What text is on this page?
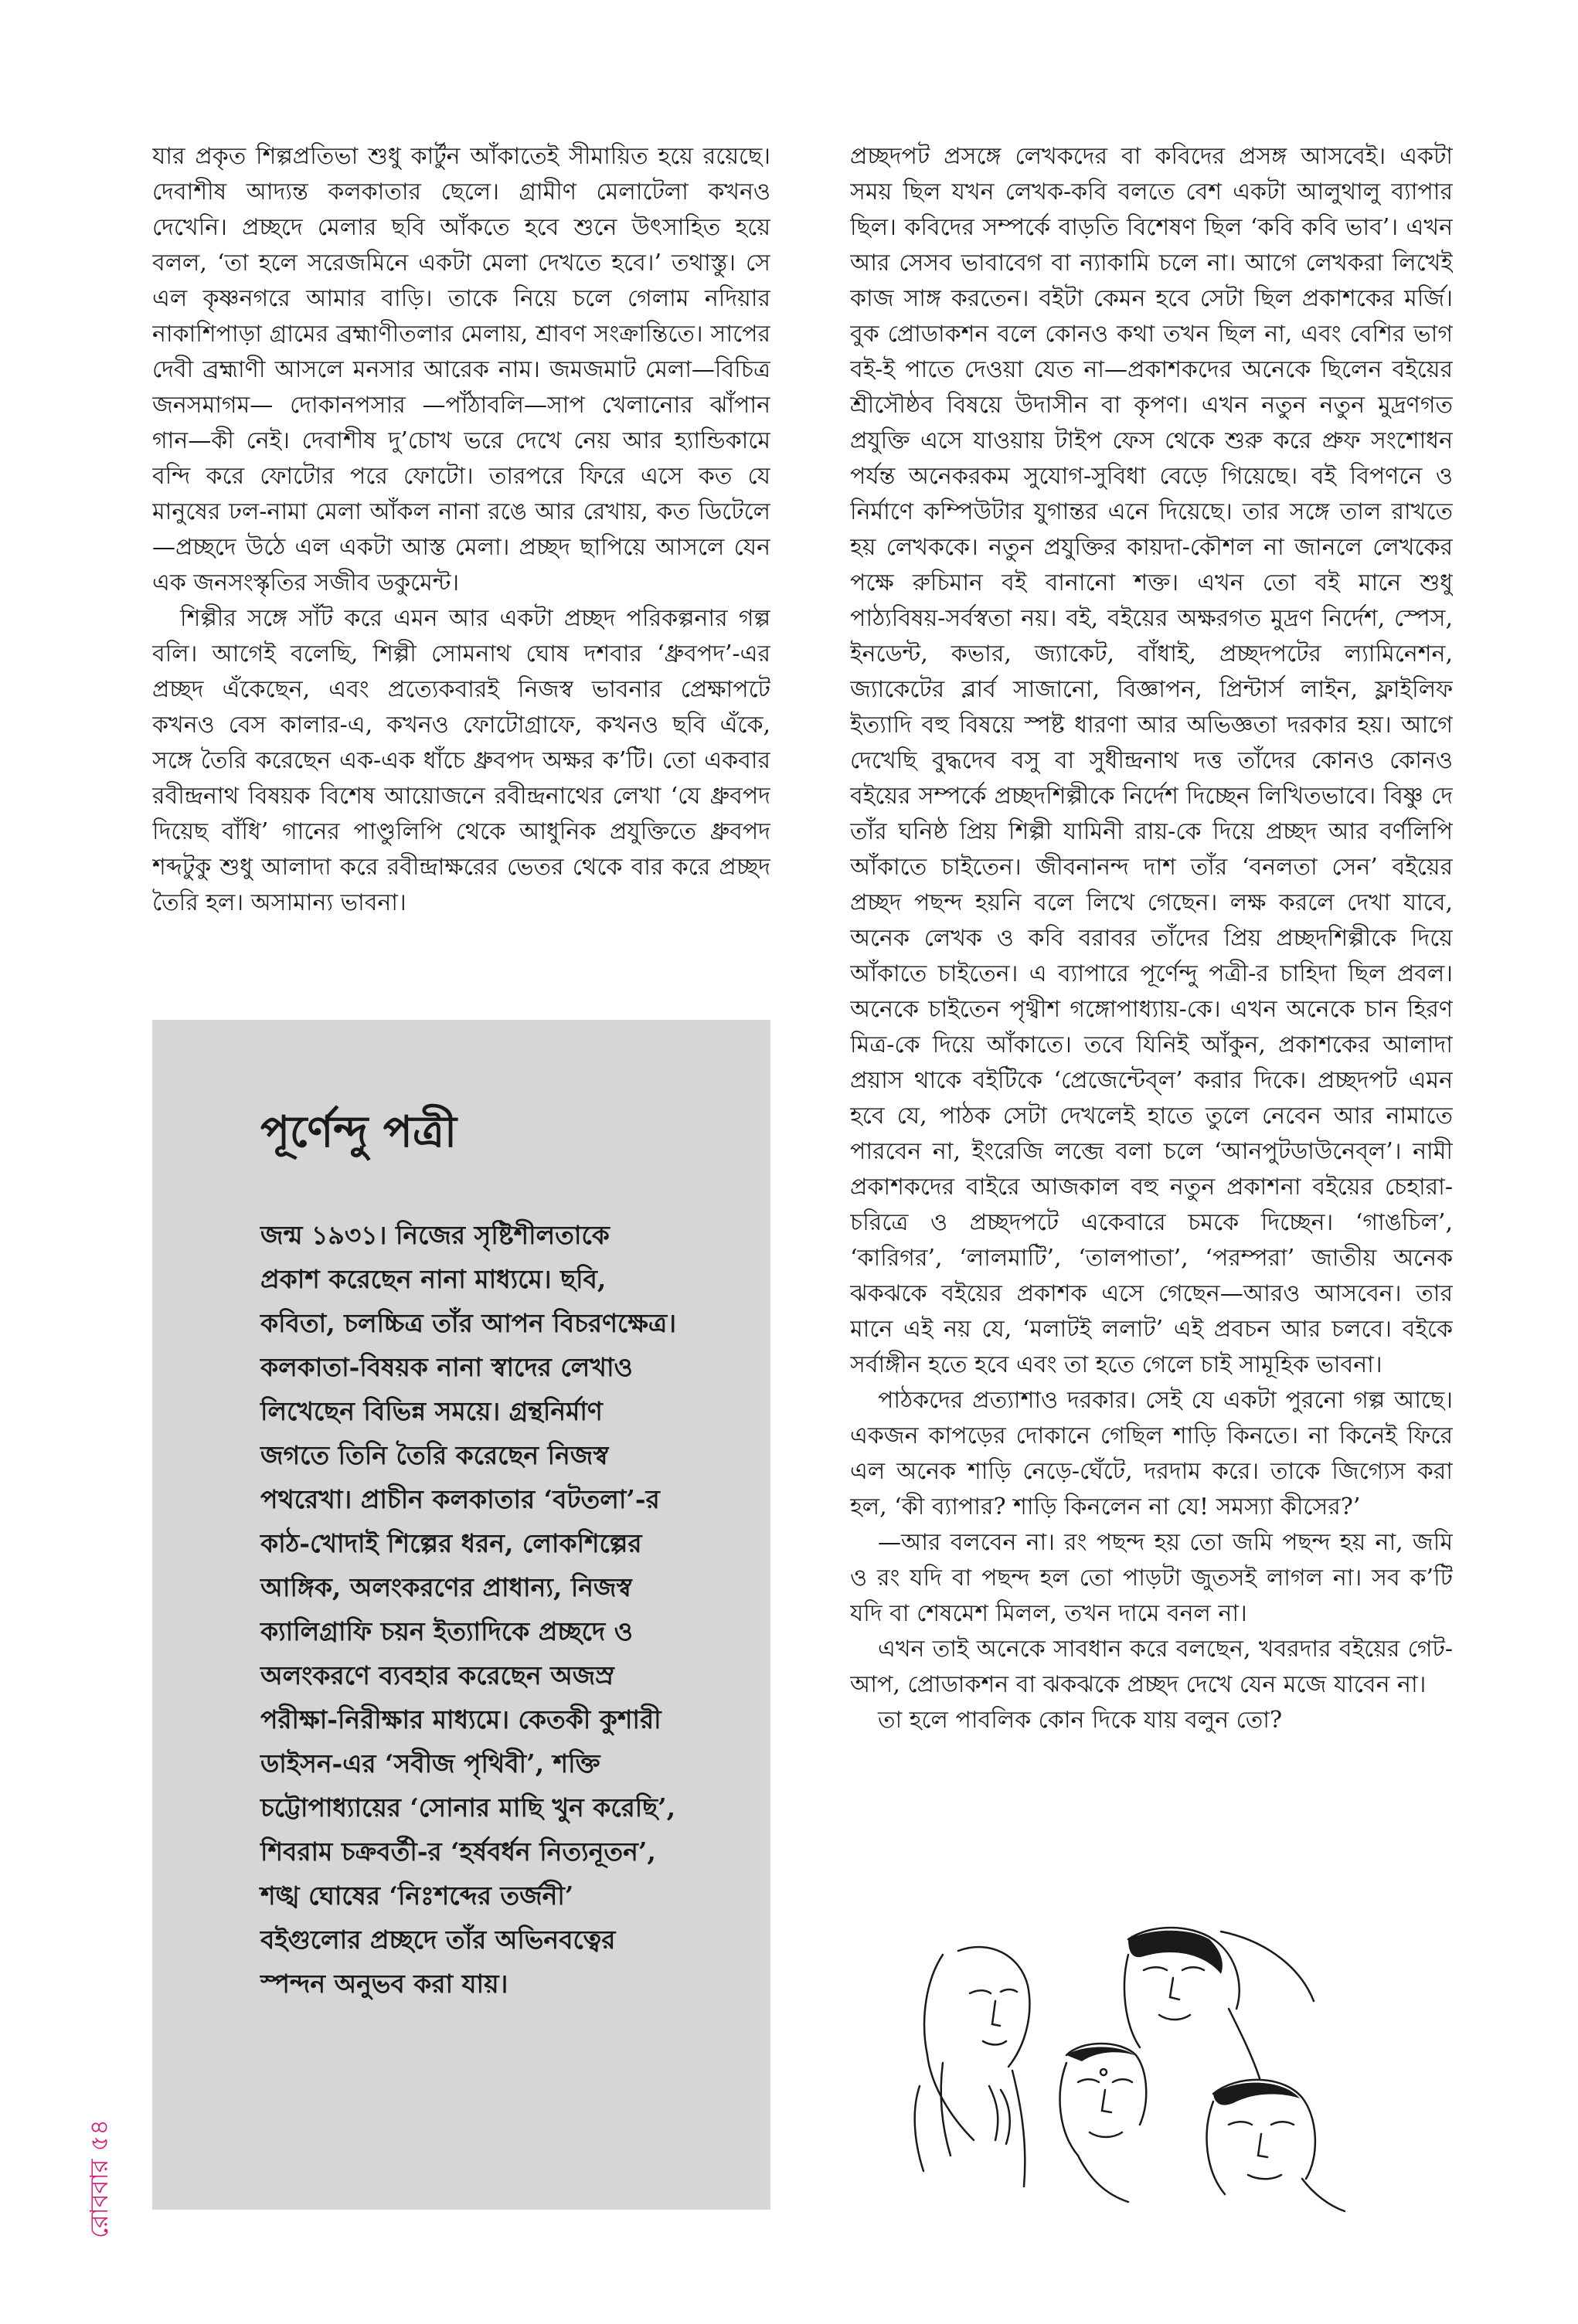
যার প্রকৃত শিল্পপ্রতিভা শুধু কার্টুন আঁকাতেই সীমায়িত হয়ে রয়েছে। দেবাশীষ আদ্যন্ত কলকাতার ছেলে। গ্রামীণ মেলাটেলা কখনও দেখেনি। প্রচ্ছদে মেলার ছবি আঁকতে হবে শুনে উৎসাহিত হয়ে বলল, ‘তা হলে সরেজমিনে একটা মেলা দেখতে হবে।’ তথাস্তু। সে এল কৃষ্ণনগরে আমার বাড়ি। তাকে নিয়ে চলে গেলাম নদিয়ার নাকাশিপাড়া গ্রামের ব্রহ্মাণীতলার মেলায়, শ্রাবণ সংক্রান্তিতে। সাপের দেবী ব্রহ্মাণী আসলে মনসার আরেক নাম। জমজমাট মেলা—বিচিত্র জনসমাগম— দোকানপসার —পাঁঠাবলি—সাপ খেলানোর ঝাঁপান গান—কী নেই। দেবাশীষ দু’চোখ ভরে দেখে নেয় আর হ্যান্ডিকামে বন্দি করে ফোটোর পরে ফোটো। তারপরে ফিরে এসে কত যে মানুষের ঢল-নামা মেলা আঁকল নানা রঙে আর রেখায়, কত ডিটেলে—প্রচ্ছদে উঠে এল একটা আস্ত মেলা। প্রচ্ছদ ছাপিয়ে আসলে যেন এক জনসংস্কৃতির সজীব ডকুমেন্ট।

শিল্পীর সঙ্গে সাঁট করে এমন আর একটা প্রচ্ছদ পরিকল্পনার গল্প বলি। আগেই বলেছি, শিল্পী সোমনাথ ঘোষ দশবার ‘ধ্রুবপদ’-এর প্রচ্ছদ এঁকেছেন, এবং প্রত্যেকবারই নিজস্ব ভাবনার প্রেক্ষাপটে কখনও বেস কালার-এ, কখনও ফোটোগ্রাফে, কখনও ছবি এঁকে, সঙ্গে তৈরি করেছেন এক-এক ধাঁচে ধ্রুবপদ অক্ষর ক’টি। তো একবার রবীন্দ্রনাথ বিষয়ক বিশেষ আয়োজনে রবীন্দ্রনাথের লেখা ‘যে ধ্রুবপদ দিয়েছ বাঁধি’ গানের পাণ্ডুলিপি থেকে আধুনিক প্রযুক্তিতে ধ্রুবপদ শব্দটুকু শুধু আলাদা করে রবীন্দ্রাক্ষরের ভেতর থেকে বার করে প্রচ্ছদ তৈরি হল। অসামান্য ভাবনা।

পূর্ণেন্দু পত্রী
জন্ম ১৯৩১। নিজের সৃষ্টিশীলতাকে প্রকাশ করেছেন নানা মাধ্যমে। ছবি, কবিতা, চলচ্চিত্র তাঁর আপন বিচরণক্ষেত্র। কলকাতা-বিষয়ক নানা স্বাদের লেখাও লিখেছেন বিভিন্ন সময়ে। গ্রন্থনির্মাণ জগতে তিনি তৈরি করেছেন নিজস্ব পথরেখা। প্রাচীন কলকাতার ‘বটতলা’-র কাঠ-খোদাই শিল্পের ধরন, লোকশিল্পের আঙ্গিক, অলংকরণের প্রাধান্য, নিজস্ব ক্যালিগ্রাফি চয়ন ইত্যাদিকে প্রচ্ছদে ও অলংকরণে ব্যবহার করেছেন অজস্র পরীক্ষা-নিরীক্ষার মাধ্যমে। কেতকী কুশারী ডাইসন-এর ‘সবীজ পৃথিবী’, শক্তি চট্টোপাধ্যায়ের ‘সোনার মাছি খুন করেছি’, শিবরাম চক্রবর্তী-র ‘হর্ষবর্ধন নিত্যনূতন’, শঙ্খ ঘোষের ‘নিঃশব্দের তর্জনী’ বইগুলোর প্রচ্ছদে তাঁর অভিনবত্বের স্পন্দন অনুভব করা যায়।

প্রচ্ছদপট প্রসঙ্গে লেখকদের বা কবিদের প্রসঙ্গ আসবেই। একটা সময় ছিল যখন লেখক-কবি বলতে বেশ একটা আলুথালু ব্যাপার ছিল। কবিদের সম্পর্কে বাড়তি বিশেষণ ছিল ‘কবি কবি ভাব’। এখন আর সেসব ভাবাবেগ বা ন্যাকামি চলে না। আগে লেখকরা লিখেই কাজ সাঙ্গ করতেন। বইটা কেমন হবে সেটা ছিল প্রকাশকের মর্জি। বুক প্রোডাকশন বলে কোনও কথা তখন ছিল না, এবং বেশির ভাগ বই-ই পাতে দেওয়া যেত না—প্রকাশকদের অনেকে ছিলেন বইয়ের শ্রীসৌষ্ঠব বিষয়ে উদাসীন বা কৃপণ। এখন নতুন নতুন মুদ্রণগত প্রযুক্তি এসে যাওয়ায় টাইপ ফেস থেকে শুরু করে প্রুফ সংশোধন পর্যন্ত অনেকরকম সুযোগ-সুবিধা বেড়ে গিয়েছে। বই বিপণনে ও নির্মাণে কম্পিউটার যুগান্তর এনে দিয়েছে। তার সঙ্গে তাল রাখতে হয় লেখককে। নতুন প্রযুক্তির কায়দা-কৌশল না জানলে লেখকের পক্ষে রুচিমান বই বানানো শক্ত। এখন তো বই মানে শুধু পাঠ্যবিষয়-সর্বস্বতা নয়। বই, বইয়ের অক্ষরগত মুদ্রণ নির্দেশ, স্পেস, ইনডেন্ট, কভার, জ্যাকেট, বাঁধাই, প্রচ্ছদপটের ল্যামিনেশন, জ্যাকেটের ব্লার্ব সাজানো, বিজ্ঞাপন, প্রিন্টার্স লাইন, ফ্লাইলিফ ইত্যাদি বহু বিষয়ে স্পষ্ট ধারণা আর অভিজ্ঞতা দরকার হয়। আগে দেখেছি বুদ্ধদেব বসু বা সুধীন্দ্রনাথ দত্ত তাঁদের কোনও কোনও বইয়ের সম্পর্কে প্রচ্ছদশিল্পীকে নির্দেশ দিচ্ছেন লিখিতভাবে। বিষ্ণু দে তাঁর ঘনিষ্ঠ প্রিয় শিল্পী যামিনী রায়-কে দিয়ে প্রচ্ছদ আর বর্ণলিপি আঁকাতে চাইতেন। জীবনানন্দ দাশ তাঁর ‘বনলতা সেন’ বইয়ের প্রচ্ছদ পছন্দ হয়নি বলে লিখে গেছেন। লক্ষ করলে দেখা যাবে, অনেক লেখক ও কবি বরাবর তাঁদের প্রিয় প্রচ্ছদশিল্পীকে দিয়ে আঁকাতে চাইতেন। এ ব্যাপারে পূর্ণেন্দু পত্রী-র চাহিদা ছিল প্রবল। অনেকে চাইতেন পৃথ্বীশ গঙ্গোপাধ্যায়-কে। এখন অনেকে চান হিরণ মিত্র-কে দিয়ে আঁকাতে। তবে যিনিই আঁকুন, প্রকাশকের আলাদা প্রয়াস থাকে বইটিকে ‘প্রেজেন্টেব্‌ল’ করার দিকে। প্রচ্ছদপট এমন হবে যে, পাঠক সেটা দেখলেই হাতে তুলে নেবেন আর নামাতে পারবেন না, ইংরেজি লব্জে বলা চলে ‘আনপুটডাউনেব্‌ল’। নামী প্রকাশকদের বাইরে আজকাল বহু নতুন প্রকাশনা বইয়ের চেহারা-চরিত্রে ও প্রচ্ছদপটে একেবারে চমকে দিচ্ছেন। ‘গাঙচিল’, ‘কারিগর’, ‘লালমাটি’, ‘তালপাতা’, ‘পরম্পরা’ জাতীয় অনেক ঝকঝকে বইয়ের প্রকাশক এসে গেছেন—আরও আসবেন। তার মানে এই নয় যে, ‘মলাটই ললাট’ এই প্রবচন আর চলবে। বইকে সর্বাঙ্গীন হতে হবে এবং তা হতে গেলে চাই সামূহিক ভাবনা।

পাঠকদের প্রত্যাশাও দরকার। সেই যে একটা পুরনো গল্প আছে। একজন কাপড়ের দোকানে গেছিল শাড়ি কিনতে। না কিনেই ফিরে এল অনেক শাড়ি নেড়ে-ঘেঁটে, দরদাম করে। তাকে জিগ্যেস করা হল, ‘কী ব্যাপার? শাড়ি কিনলেন না যে! সমস্যা কীসের?’

—আর বলবেন না। রং পছন্দ হয় তো জমি পছন্দ হয় না, জমি ও রং যদি বা পছন্দ হল তো পাড়টা জুতসই লাগল না। সব ক’টি যদি বা শেষমেশ মিলল, তখন দামে বনল না।

এখন তাই অনেকে সাবধান করে বলছেন, খবরদার বইয়ের গেট-আপ, প্রোডাকশন বা ঝকঝকে প্রচ্ছদ দেখে যেন মজে যাবেন না।

তা হলে পাবলিক কোন দিকে যায় বলুন তো?

রোববার ৫৪
